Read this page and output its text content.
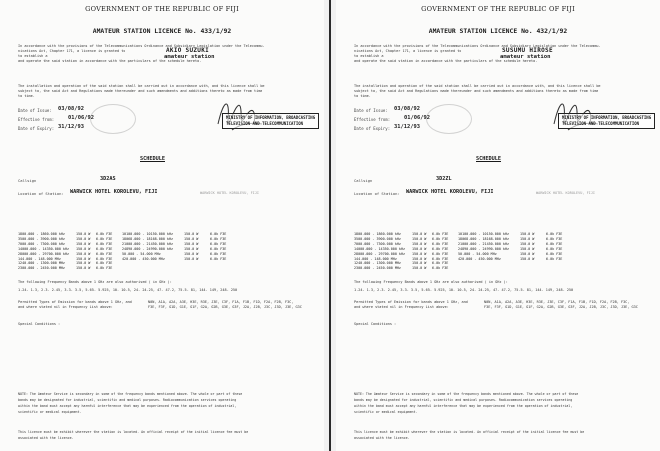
GOVERNMENT OF THE REPUBLIC OF FIJI
AMATEUR STATION LICENCE No. 433/1/92
In accordance with the provisions of the Telecommunications Ordinance and Subsidiary Legislation under the Telecommu-
nications Act, Chapter 171, a licence is granted to
to establish a
and operate the said station in accordance with the particulars of the schedule hereto.
AKIO SUZUKI
amateur station
The installation and operation of the said station shall be carried out in accordance with, and this licence shall be
subject to, the said Act and Regulations made thereunder and such amendments and additions thereto as made from time
to time.
Date of Issue: 03/08/92
Effective from:	01/06/92
Date of Expiry: 31/12/93
MINISTRY OF INFORMATION, BROADCASTING
TELEVISION AND TELECOMMUNICATION
SCHEDULE
Callsign	3D2AS
Location of Station: WARWICK HOTEL KOROLEVU, FIJI	WARWICK HOTEL KOROLEVU, FIJI
1800.000 - 1860.000 kHz	150.0 W 6.0k F3E	10100.000 - 10150.000 kHz	150.0 W	6.0k F3E
3500.000 - 3900.000 kHz	150.0 W 6.0k F3E	18068.000 - 18168.000 kHz	150.0 W	6.0k F3E
7000.000 - 7300.000 kHz	150.0 W 6.0k F3E	21000.000 - 21450.000 kHz	150.0 W	6.0k F3E
14000.000 - 14350.000 kHz 150.0 W 6.0k F3E	24890.000 - 24990.000 kHz	150.0 W	6.0k F3E
28000.000 - 29700.000 kHz 150.0 W 6.0k F3E	50.000 - 54.000 MHz	150.0 W	6.0k F3E
144.000 - 148.000 MHz	150.0 W 6.0k F3E	420.000 - 450.000 MHz	150.0 W	6.0k F3E
1240.000 - 1300.000 MHz	150.0 W 6.0k F3E
2300.000 - 2450.000 MHz	150.0 W 6.0k F3E
The following Frequency Bands above 1 GHz are also authorised ( in GHz ):
1.24- 1.3, 2.3- 2.45, 3.3- 3.5, 5.65- 5.925, 10- 10.5, 24- 24.25, 47- 47.2, 75.5- 81, 144- 149, 248- 250
Permitted Types of Emission for bands above 1 GHz, and
and where stated nil in Frequency List above:
N0N, A1A, A2A, A3E, H3E, R3E, J3E, C3F, F1A, F1B, F1D, F2A, F2B, F3C,
F3E, F3F, G1D, G1E, G1F, G2A, G2B, G3E, G3F, J2A, J2B, J3C, J3D, J3E, G3C
Special Conditions :
NOTE: The Amateur Service is secondary in some of the frequency bands mentioned above. The whole or part of these
bands may be designated for industrial, scientific and medical purposes. Radiocommunication services operating
within the band must accept any harmful interference that may be experienced from the operation of industrial,
scientific or medical equipment.
This licence must be exhibit wherever the station is located. An official receipt of the initial licence fee must be
associated with the licence.
GOVERNMENT OF THE REPUBLIC OF FIJI
AMATEUR STATION LICENCE No. 432/1/92
In accordance with the provisions of the Telecommunications Ordinance and Subsidiary Legislation under the Telecommu-
nications Act, Chapter 171, a licence is granted to
to establish a
and operate the said station in accordance with the particulars of the schedule hereto.
SUSUMU HIROSE
amateur station
The installation and operation of the said station shall be carried out in accordance with, and this licence shall be
subject to, the said Act and Regulations made thereunder and such amendments and additions thereto as made from time
to time.
Date of Issue: 03/08/92
Effective from:	01/06/92
Date of Expiry: 31/12/93
MINISTRY OF INFORMATION, BROADCASTING
TELEVISION AND TELECOMMUNICATION
SCHEDULE
Callsign	3D2ZL
Location of Station: WARWICK HOTEL KOROLEVU, FIJI	WARWICK HOTEL KOROLEVU, FIJI
1800.000 - 1860.000 kHz	150.0 W 6.0k F3E	10100.000 - 10150.000 kHz	150.0 W	6.0k F3E
3500.000 - 3900.000 kHz	150.0 W 6.0k F3E	18068.000 - 18168.000 kHz	150.0 W	6.0k F3E
7000.000 - 7300.000 kHz	150.0 W 6.0k F3E	21000.000 - 21450.000 kHz	150.0 W	6.0k F3E
14000.000 - 14350.000 kHz 150.0 W 6.0k F3E	24890.000 - 24990.000 kHz	150.0 W	6.0k F3E
28000.000 - 29700.000 kHz 150.0 W 6.0k F3E	50.000 - 54.000 MHz	150.0 W	6.0k F3E
144.000 - 148.000 MHz	150.0 W 6.0k F3E	420.000 - 450.000 MHz	150.0 W	6.0k F3E
1240.000 - 1300.000 MHz	150.0 W 6.0k F3E
2300.000 - 2450.000 MHz	150.0 W 6.0k F3E
The following Frequency Bands above 1 GHz are also authorised ( in GHz ):
1.24- 1.3, 2.3- 2.45, 3.3- 3.5, 5.65- 5.925, 10- 10.5, 24- 24.25, 47- 47.2, 75.5- 81, 144- 149, 248- 250
Permitted Types of Emission for bands above 1 GHz, and
and where stated nil in Frequency List above:
N0N, A1A, A2A, A3E, H3E, R3E, J3E, C3F, F1A, F1B, F1D, F2A, F2B, F3C,
F3E, F3F, G1D, G1E, G1F, G2A, G2B, G3E, G3F, J2A, J2B, J3C, J3D, J3E, G3C
Special Conditions :
NOTE: The Amateur Service is secondary in some of the frequency bands mentioned above. The whole or part of these
bands may be designated for industrial, scientific and medical purposes. Radiocommunication services operating
within the band must accept any harmful interference that may be experienced from the operation of industrial,
scientific or medical equipment.
This licence must be exhibit wherever the station is located. An official receipt of the initial licence fee must be
associated with the licence.
